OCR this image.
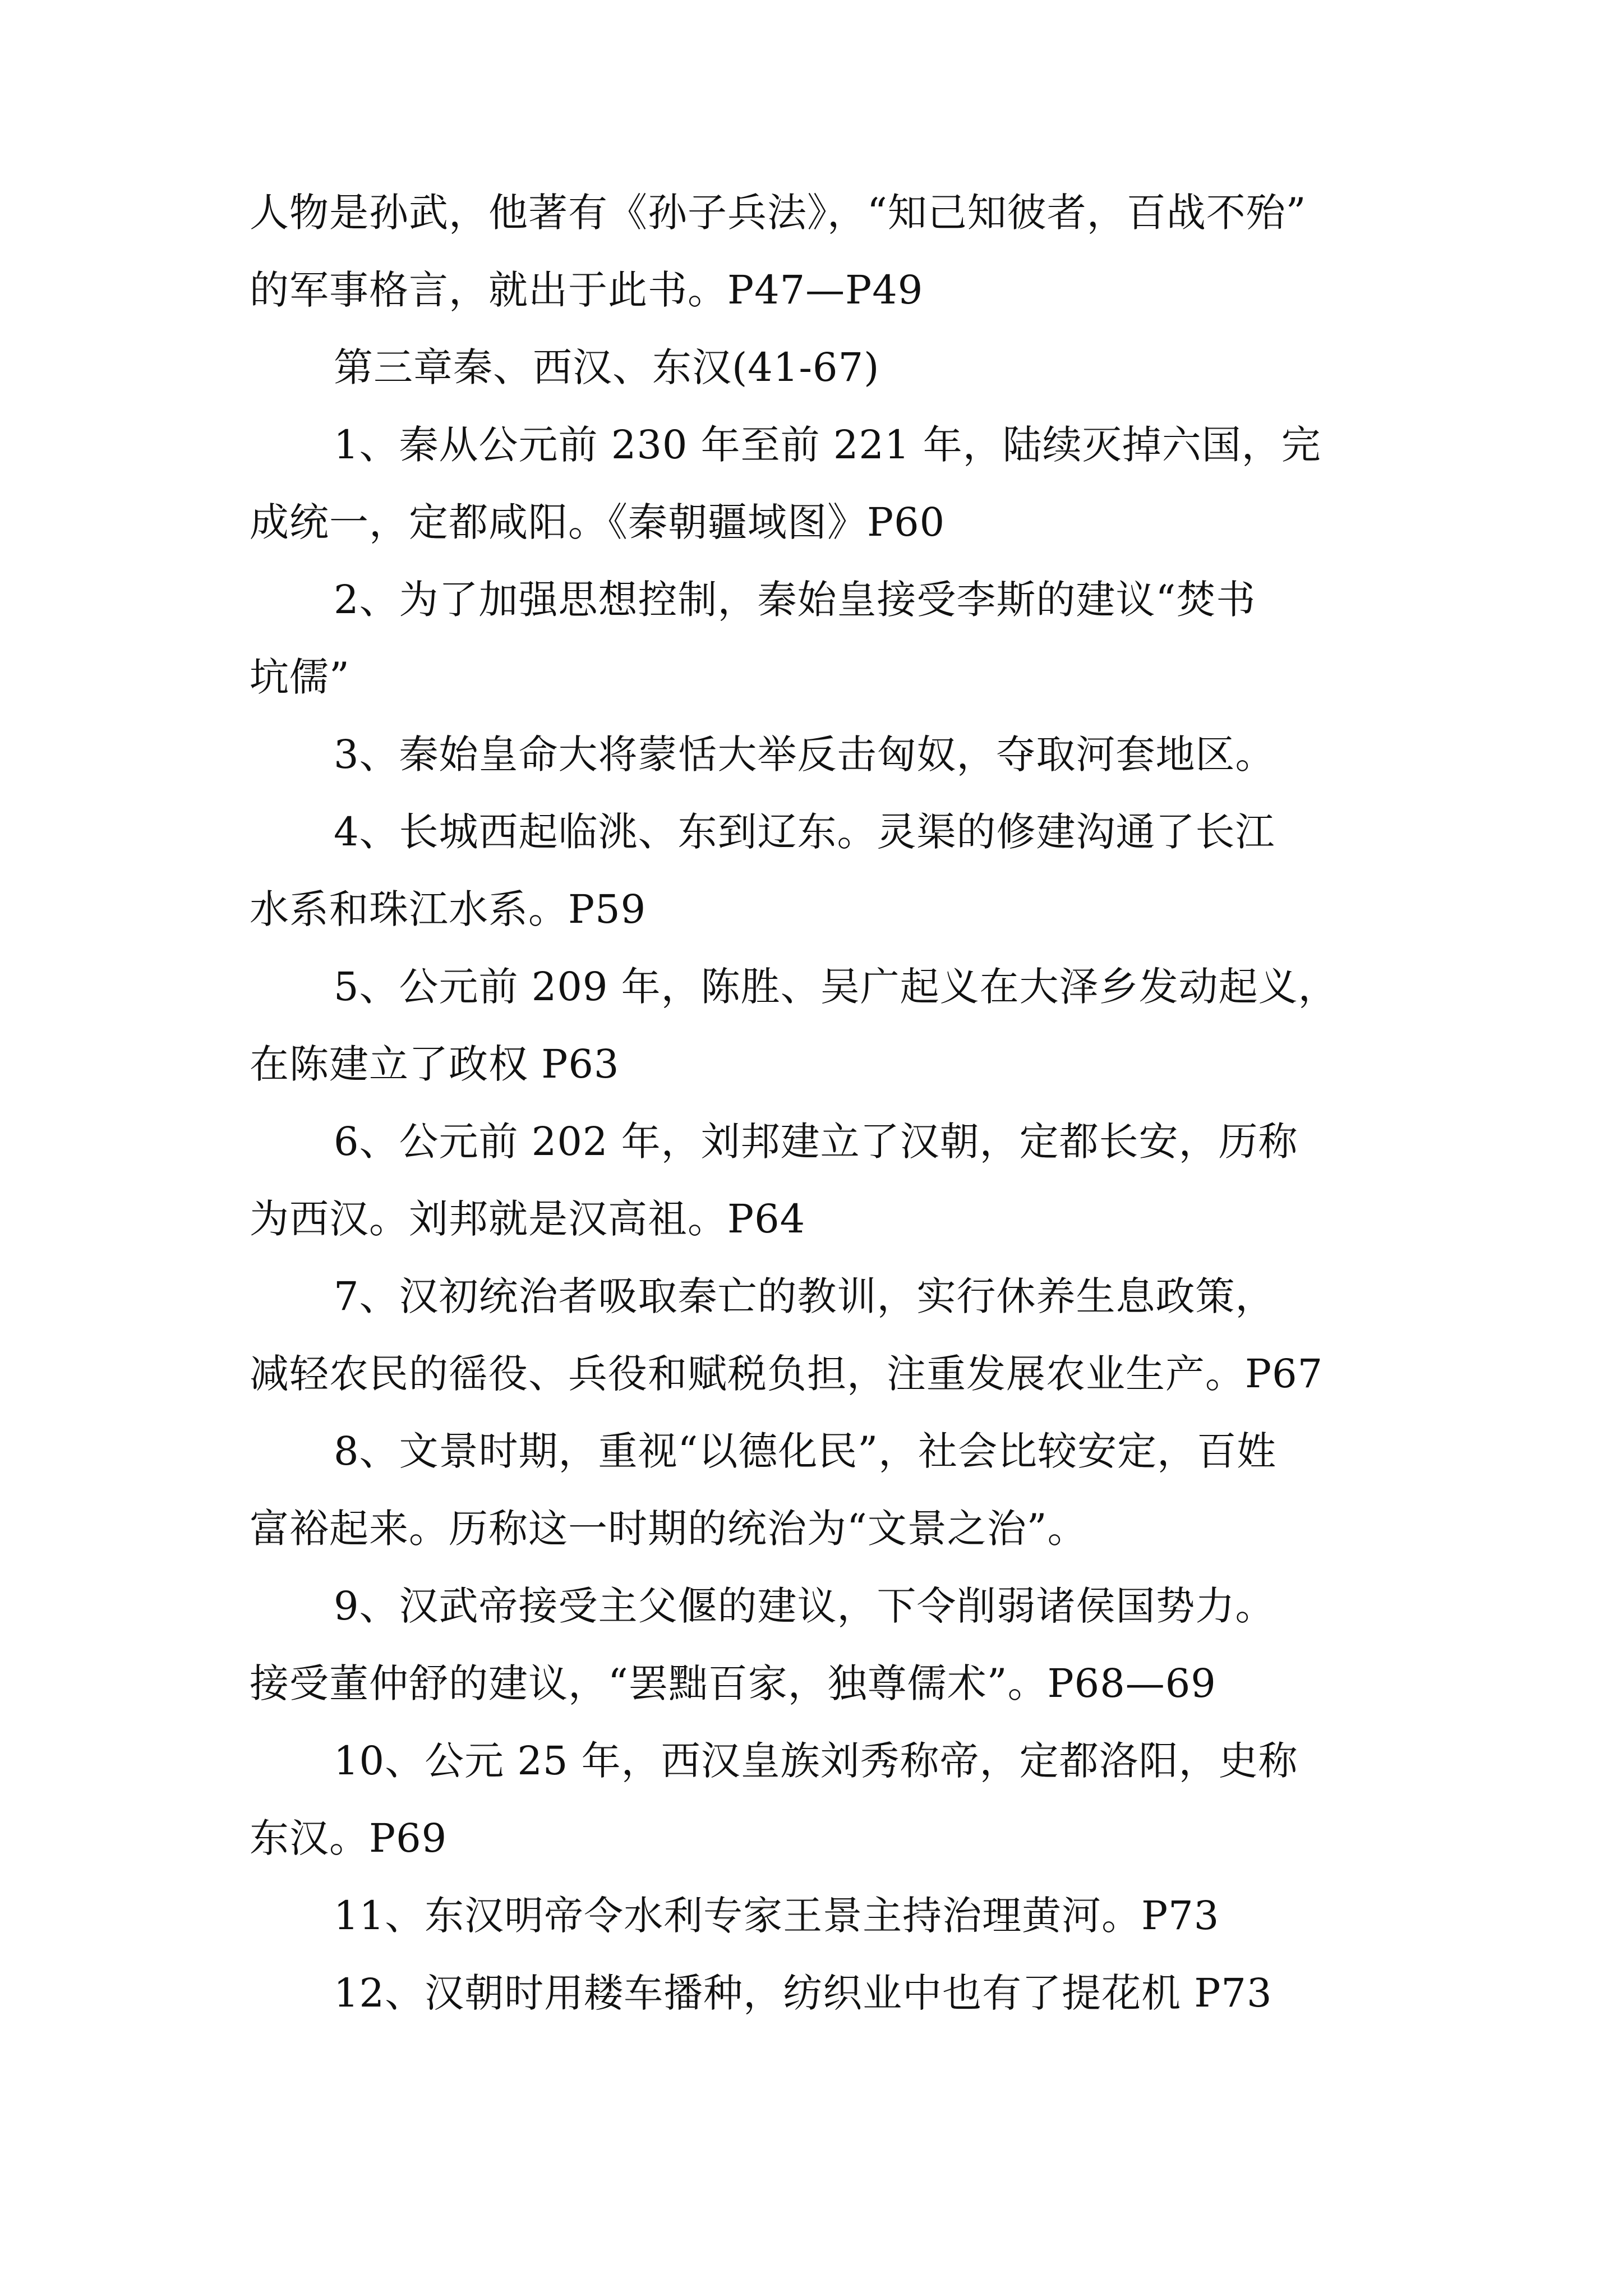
人物是孙武，他著有《孙子兵法》，“知己知彼者，百战不殆”
的军事格言，就出于此书。P47—P49
第三章秦、西汉、东汉(41-67)
1、秦从公元前 230 年至前 221 年，陆续灭掉六国，完
成统一，定都咸阳。《秦朝疆域图》P60
2、为了加强思想控制，秦始皇接受李斯的建议“焚书
坑儒”
3、秦始皇命大将蒙恬大举反击匈奴，夺取河套地区。
4、长城西起临洮、东到辽东。灵渠的修建沟通了长江
水系和珠江水系。P59
5、公元前 209 年，陈胜、吴广起义在大泽乡发动起义，
在陈建立了政权 P63
6、公元前 202 年，刘邦建立了汉朝，定都长安，历称
为西汉。刘邦就是汉高祖。P64
7、汉初统治者吸取秦亡的教训，实行休养生息政策，
减轻农民的徭役、兵役和赋税负担，注重发展农业生产。P67
8、文景时期，重视“以德化民”，社会比较安定，百姓
富裕起来。历称这一时期的统治为“文景之治”。
9、汉武帝接受主父偃的建议，下令削弱诸侯国势力。
接受董仲舒的建议，“罢黜百家，独尊儒术”。P68—69
10、公元 25 年，西汉皇族刘秀称帝，定都洛阳，史称
东汉。P69
11、东汉明帝令水利专家王景主持治理黄河。P73
12、汉朝时用耧车播种，纺织业中也有了提花机 P73
